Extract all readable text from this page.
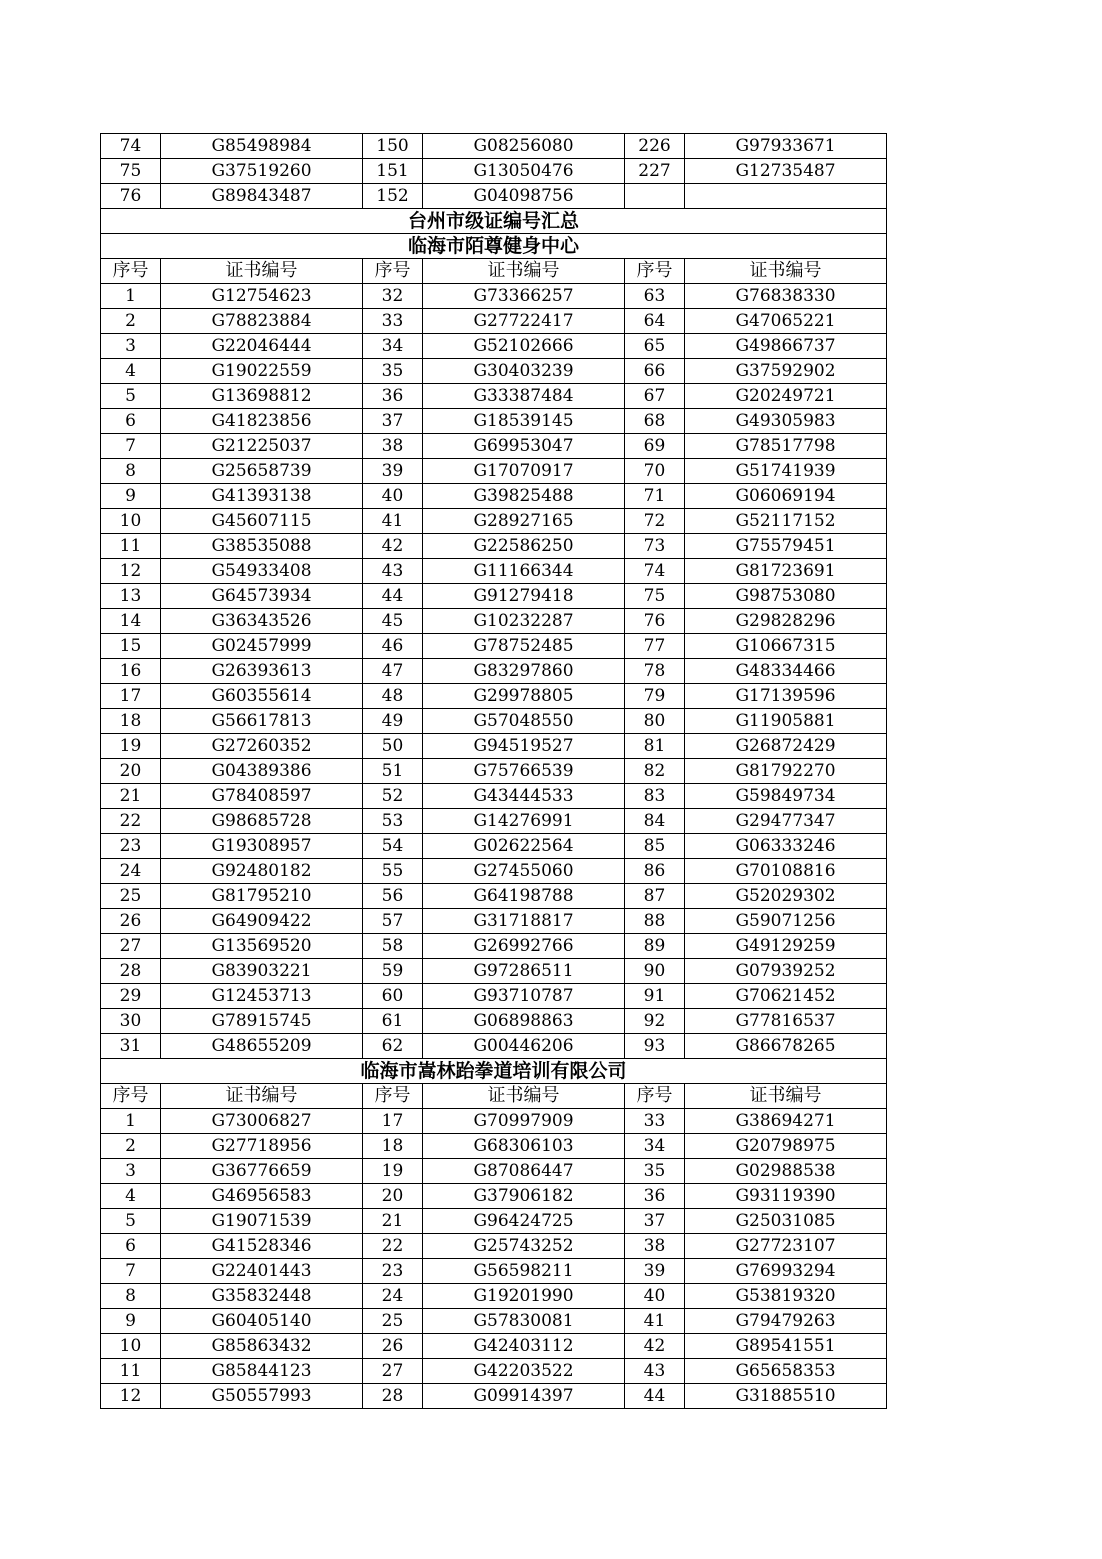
74	G85498984	150	G08256080	226	G97933671
75	G37519260	151	G13050476	227	G12735487
76	G89843487	152	G04098756		
台州市级证编号汇总					
临海市陌尊健身中心					
序号	证书编号	序号	证书编号	序号	证书编号
1	G12754623	32	G73366257	63	G76838330
2	G78823884	33	G27722417	64	G47065221
3	G22046444	34	G52102666	65	G49866737
4	G19022559	35	G30403239	66	G37592902
5	G13698812	36	G33387484	67	G20249721
6	G41823856	37	G18539145	68	G49305983
7	G21225037	38	G69953047	69	G78517798
8	G25658739	39	G17070917	70	G51741939
9	G41393138	40	G39825488	71	G06069194
10	G45607115	41	G28927165	72	G52117152
11	G38535088	42	G22586250	73	G75579451
12	G54933408	43	G11166344	74	G81723691
13	G64573934	44	G91279418	75	G98753080
14	G36343526	45	G10232287	76	G29828296
15	G02457999	46	G78752485	77	G10667315
16	G26393613	47	G83297860	78	G48334466
17	G60355614	48	G29978805	79	G17139596
18	G56617813	49	G57048550	80	G11905881
19	G27260352	50	G94519527	81	G26872429
20	G04389386	51	G75766539	82	G81792270
21	G78408597	52	G43444533	83	G59849734
22	G98685728	53	G14276991	84	G29477347
23	G19308957	54	G02622564	85	G06333246
24	G92480182	55	G27455060	86	G70108816
25	G81795210	56	G64198788	87	G52029302
26	G64909422	57	G31718817	88	G59071256
27	G13569520	58	G26992766	89	G49129259
28	G83903221	59	G97286511	90	G07939252
29	G12453713	60	G93710787	91	G70621452
30	G78915745	61	G06898863	92	G77816537
31	G48655209	62	G00446206	93	G86678265
临海市嵩林跆拳道培训有限公司					
序号	证书编号	序号	证书编号	序号	证书编号
1	G73006827	17	G70997909	33	G38694271
2	G27718956	18	G68306103	34	G20798975
3	G36776659	19	G87086447	35	G02988538
4	G46956583	20	G37906182	36	G93119390
5	G19071539	21	G96424725	37	G25031085
6	G41528346	22	G25743252	38	G27723107
7	G22401443	23	G56598211	39	G76993294
8	G35832448	24	G19201990	40	G53819320
9	G60405140	25	G57830081	41	G79479263
10	G85863432	26	G42403112	42	G89541551
11	G85844123	27	G42203522	43	G65658353
12	G50557993	28	G09914397	44	G31885510
